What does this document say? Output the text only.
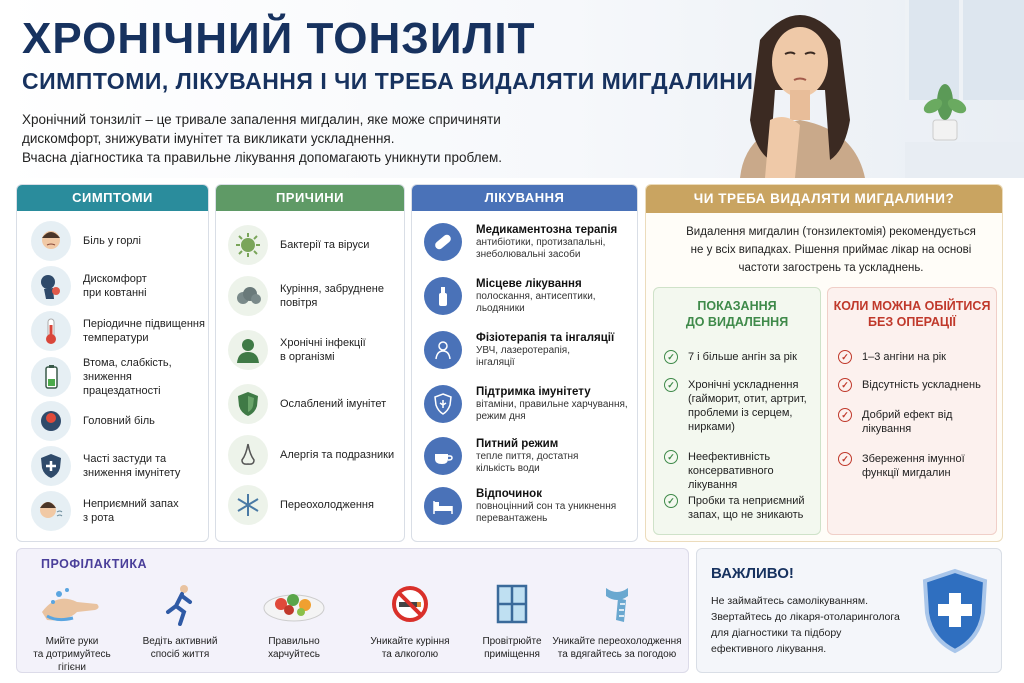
ХРОНІЧНИЙ ТОНЗИЛІТ
СИМПТОМИ, ЛІКУВАННЯ І ЧИ ТРЕБА ВИДАЛЯТИ МИГДАЛИНИ
Хронічний тонзиліт – це тривале запалення мигдалин, яке може спричиняти
дискомфорт, знижувати імунітет та викликати ускладнення.
Вчасна діагностика та правильне лікування допомагають уникнути проблем.
СИМПТОМИ
Біль у горлі
Дискомфорт
при ковтанні
Періодичне підвищення
температури
Втома, слабкість,
зниження працездатності
Головний біль
Часті застуди та
зниження імунітету
Неприємний запах
з рота
ПРИЧИНИ
Бактерії та віруси
Куріння, забруднене
повітря
Хронічні інфекції
в організмі
Ослаблений імунітет
Алергія та подразники
Переохолодження
ЛІКУВАННЯ
Медикаментозна терапія
антибіотики, протизапальні,
знеболювальні засоби
Місцеве лікування
полоскання, антисептики,
льодяники
Фізіотерапія та інгаляції
УВЧ, лазеротерапія,
інгаляції
Підтримка імунітету
вітаміни, правильне харчування,
режим дня
Питний режим
тепле пиття, достатня
кількість води
Відпочинок
повноцінний сон та уникнення
перевантажень
ЧИ ТРЕБА ВИДАЛЯТИ МИГДАЛИНИ?
Видалення мигдалин (тонзилектомія) рекомендується
не у всіх випадках. Рішення приймає лікар на основі
частоти загострень та ускладнень.
ПОКАЗАННЯ
ДО ВИДАЛЕННЯ
✓ 7 і більше ангін за рік
✓ Хронічні ускладнення
(гайморит, отит, артрит,
проблеми із серцем,
нирками)
✓ Неефективність
консервативного лікування
✓ Пробки та неприємний
запах, що не зникають
КОЛИ МОЖНА ОБІЙТИСЯ
БЕЗ ОПЕРАЦІЇ
✓ 1–3 ангіни на рік
✓ Відсутність ускладнень
✓ Добрий ефект від
лікування
✓ Збереження імунної
функції мигдалин
ПРОФІЛАКТИКА
Мийте руки
та дотримуйтесь
гігієни
Ведіть активний
спосіб життя
Правильно
харчуйтесь
Уникайте куріння
та алкоголю
Провітрюйте
приміщення
Уникайте переохолодження
та вдягайтесь за погодою
ВАЖЛИВО!
Не займайтесь самолікуванням.
Звертайтесь до лікаря-отоларинголога
для діагностики та підбору
ефективного лікування.
